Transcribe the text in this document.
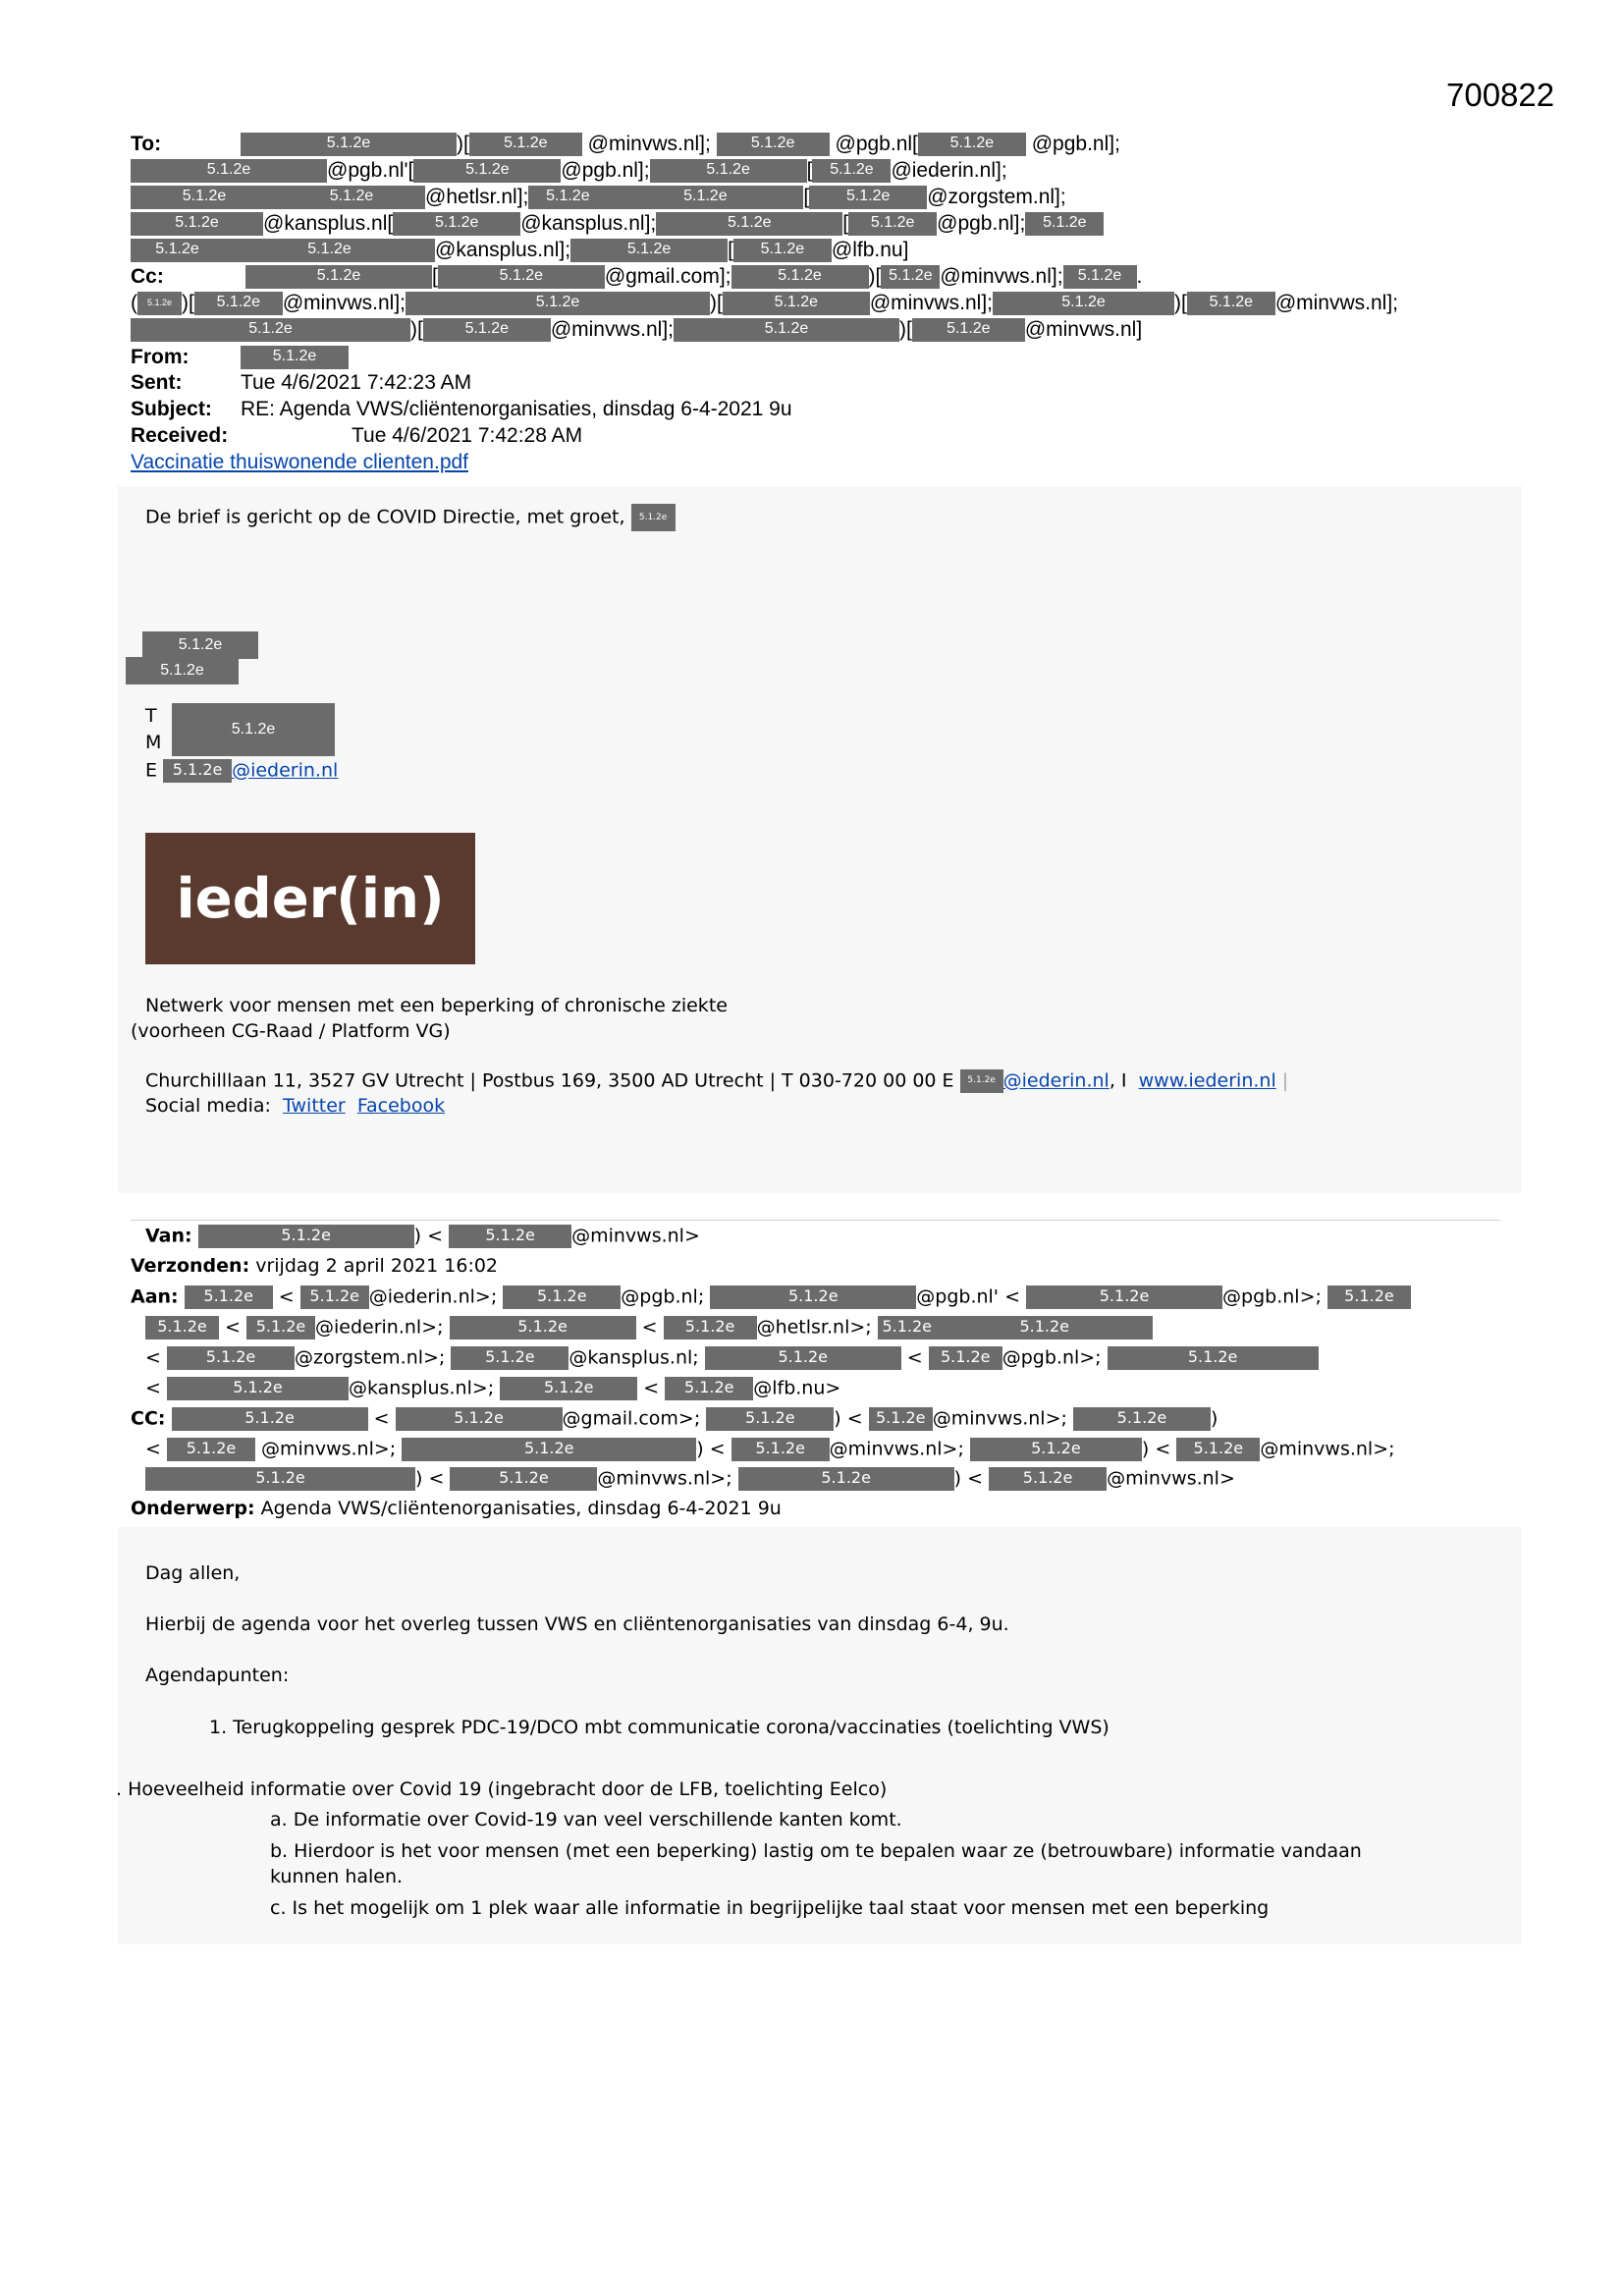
700822
To:	5.1.2e	)[ 5.1.2e @minvws.nl]; 5.1.2e @pgb.nl[ 5.1.2e @pgb.nl];
5.1.2e	@pgb.nl'[	5.1.2e	@pgb.nl];	5.1.2e	[ 5.1.2e @iederin.nl];
5.1.2e	5.1.2e	@hetlsr.nl]; 5.1.2e	5.1.2e	[ 5.1.2e @zorgstem.nl];
5.1.2e @kansplus.nl[	5.1.2e @kansplus.nl];	5.1.2e	[ 5.1.2e @pgb.nl]; 5.1.2e
5.1.2e	5.1.2e	@kansplus.nl];	5.1.2e	[ 5.1.2e @lfb.nu]
Cc:	5.1.2e	[	5.1.2e	@gmail.com];	5.1.2e )[ 5.1.2e @minvws.nl]; 5.1.2e .
( 5.1.2e )[ 5.1.2e @minvws.nl];	5.1.2e	)[	5.1.2e	@minvws.nl];	5.1.2e	)[ 5.1.2e @minvws.nl];
5.1.2e	)[	5.1.2e @minvws.nl];	5.1.2e	)[ 5.1.2e @minvws.nl]
From:	5.1.2e
Sent:	Tue 4/6/2021 7:42:23 AM
Subject: RE: Agenda VWS/cliëntenorganisaties, dinsdag 6-4-2021 9u
Received:	Tue 4/6/2021 7:42:28 AM
Vaccinatie thuiswonende clienten.pdf
De brief is gericht op de COVID Directie, met groet, 5.1.2e
5.1.2e
5.1.2e
T
M
5.1.2e
E 5.1.2e @iederin.nl
ieder(in)
Netwerk voor mensen met een beperking of chronische ziekte
(voorheen CG-Raad / Platform VG)
Churchilllaan 11, 3527 GV Utrecht | Postbus 169, 3500 AD Utrecht | T 030-720 00 00 E 5.1.2e @iederin.nl, I www.iederin.nl |
Social media: Twitter Facebook
Van:	5.1.2e	) < 5.1.2e @minvws.nl>
Verzonden: vrijdag 2 april 2021 16:02
Aan: 5.1.2e < 5.1.2e @iederin.nl>; 5.1.2e @pgb.nl;	5.1.2e	@pgb.nl' <	5.1.2e	@pgb.nl>; 5.1.2e
5.1.2e < 5.1.2e @iederin.nl>;	5.1.2e	< 5.1.2e @hetlsr.nl>; 5.1.2e	5.1.2e
< 5.1.2e @zorgstem.nl>; 5.1.2e @kansplus.nl;	5.1.2e	< 5.1.2e @pgb.nl>;	5.1.2e
<	5.1.2e	@kansplus.nl>;	5.1.2e < 5.1.2e @lfb.nu>
CC:	5.1.2e	<	5.1.2e	@gmail.com>; 5.1.2e ) < 5.1.2e @minvws.nl>;	5.1.2e )
< 5.1.2e @minvws.nl>;	5.1.2e	) < 5.1.2e @minvws.nl>;	5.1.2e	) < 5.1.2e @minvws.nl>;
5.1.2e	) <	5.1.2e	@minvws.nl>;	5.1.2e	) < 5.1.2e @minvws.nl>
Onderwerp: Agenda VWS/cliëntenorganisaties, dinsdag 6-4-2021 9u
Dag allen,
Hierbij de agenda voor het overleg tussen VWS en cliëntenorganisaties van dinsdag 6-4, 9u.
Agendapunten:
1. Terugkoppeling gesprek PDC-19/DCO mbt communicatie corona/vaccinaties (toelichting VWS)
. Hoeveelheid informatie over Covid 19 (ingebracht door de LFB, toelichting Eelco)
a. De informatie over Covid-19 van veel verschillende kanten komt.
b. Hierdoor is het voor mensen (met een beperking) lastig om te bepalen waar ze (betrouwbare) informatie vandaan
kunnen halen.
c. Is het mogelijk om 1 plek waar alle informatie in begrijpelijke taal staat voor mensen met een beperking
